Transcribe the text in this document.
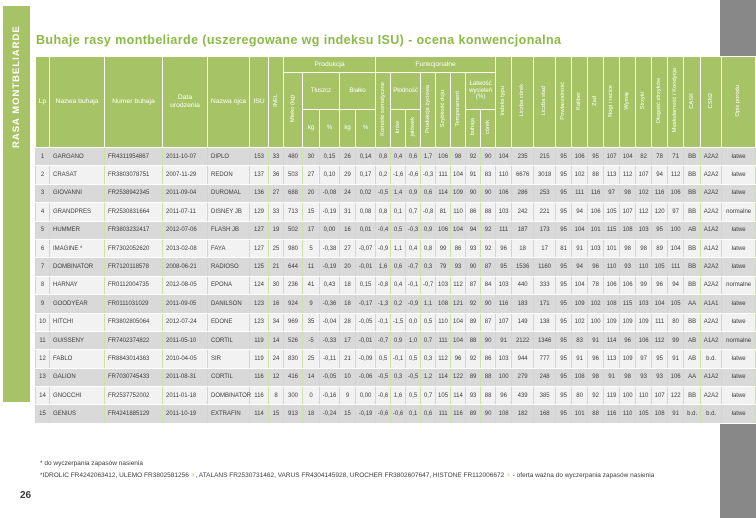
RASA MONTBELIARDE Buhaje rasy montbeliarde (uszeregowane wg indeksu ISU) - ocena konwencjonalna
Lp	Nazwa buhaja	Numer buhaja	Data urodzenia	Nazwa ojca	ISU	INEL	Produkcja					Funkcjonalne								Indeks typu	Liczba córek	Liczba stad	Powtarzalność	Kaliber	Zad	Nogi i racice	Wymię	Strzyki	Długość strzyków	Muskularność / Kondycja	CASK	CSN2	Opis porodu
							Mleko (kg)	Tłuszcz		Białko		Komórki somatyczne	Płodność		Produkcja życiowa	Szybkość doju	Temperament	Łatwość wycieleń (%)															
								kg	%	kg	%		krów	jałówek				buhaja	córek														
1	GARGANO	FR4311954867	2011-10-07	DIPLO	153	33	480	30	0,15	26	0,14	0,8	0,4	0,6	1,7	106	98	92	90	104	235	215	95	106	95	107	104	82	78	71	BB	A2A2	łatwe
2	CRASAT	FR3803078751	2007-11-29	REDON	137	36	503	27	0,10	29	0,17	0,2	-1,6	-0,6	-0,3	111	104	91	83	110	6676	3018	95	102	88	113	112	107	94	112	BB	A2A2	łatwe
3	GIOVANNI	FR2538942345	2011-09-04	DUROMAL	136	27	688	20	-0,08	24	0,02	-0,5	1,4	0,9	0,6	114	109	90	90	106	286	253	95	111	116	97	98	102	116	106	BB	A2A2	łatwe
4	GRANDPRES	FR2530831664	2011-07-11	DISNEY JB	129	33	713	15	-0,19	31	0,08	0,8	0,1	0,7	-0,8	81	110	86	88	103	242	221	95	94	106	105	107	112	120	97	BB	A2A2	normalne
5	HUMMER	FR3803232417	2012-07-06	FLASH JB	127	19	502	17	0,00	16	0,01	-0,4	0,5	-0,3	0,9	106	104	94	92	111	187	173	95	104	101	115	108	103	95	100	AB	A1A2	łatwe
6	IMAGINE *	FR7302052620	2013-02-08	FAYA	127	25	980	5	-0,38	27	-0,07	-0,9	1,1	0,4	0,8	99	86	93	92	96	18	17	81	91	103	101	98	98	89	104	BB	A1A2	łatwe
7	DOMBINATOR	FR7120118578	2008-06-21	RADIOSO	125	21	644	11	-0,19	20	-0,01	1,6	0,6	-0,7	0,3	79	93	90	87	95	1536	1160	95	94	96	110	93	110	105	111	BB	A2A2	łatwe
8	HARNAY	FR0112004735	2012-08-05	EPONA	124	30	236	41	0,43	18	0,15	-0,8	0,4	-0,1	-0,7	103	112	87	84	103	440	333	95	104	78	106	106	99	96	94	BB	A2A2	normalne
9	GOODYEAR	FR0111031029	2011-09-05	DANILSON	123	16	924	9	-0,36	18	-0,17	-1,3	0,2	-0,9	1,1	108	121	92	90	116	183	171	95	109	102	108	115	103	104	105	AA	A1A1	łatwe
10	HITCHI	FR3802805064	2012-07-24	EDONE	123	34	969	35	-0,04	28	-0,05	-0,1	-1,5	0,0	0,5	110	104	89	87	107	149	138	95	102	100	109	109	109	111	80	BB	A2A2	łatwe
11	GUISSENY	FR7402374822	2011-05-10	CORTIL	119	14	526	-5	-0,33	17	-0,01	-0,7	0,9	1,0	0,7	111	104	88	90	91	2122	1346	95	83	91	114	96	106	112	99	AB	A1A2	normalne
12	FABLO	FR8843014363	2010-04-05	SIR	119	24	830	25	-0,11	21	-0,09	0,5	-0,1	0,5	0,3	112	96	92	86	103	944	777	95	91	96	113	109	97	95	91	AB	b.d.	łatwe
13	GALION	FR7030745433	2011-08-31	CORTIL	116	12	416	14	-0,05	10	-0,06	-0,5	0,3	-0,5	1,2	114	122	89	88	100	279	248	95	108	98	91	98	93	93	106	AA	A1A2	łatwe
14	GNOCCHI	FR2537752002	2011-01-18	DOMBINATOR	116	8	300	0	-0,16	9	0,00	-0,6	1,6	0,5	0,7	105	114	93	88	96	439	385	95	80	92	119	100	110	107	122	BB	A2A2	łatwe
15	GENIUS	FR4241885129	2011-10-19	EXTRAFIN	114	15	913	18	-0,24	15	-0,19	-0,6	-0,6	0,1	0,6	111	116	89	90	108	182	168	95	101	88	116	110	105	108	91	b.d.	b.d.	łatwe
* do wyczerpania zapasów nasienia
*IDROLIC FR4242063412, ULEMO FR3802581256 ♀, ATALANS FR2530731462, VARUS FR4304145928, UROCHER FR3802607647, HISTONE FR112006672 ♀ - oferta ważna do wyczerpania zapasów nasienia
26
